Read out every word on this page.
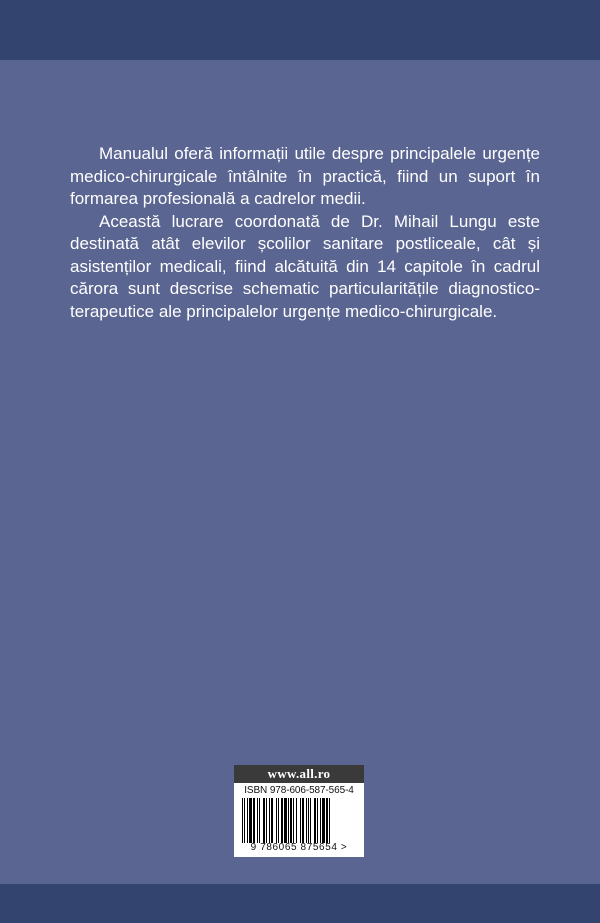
Manualul oferă informații utile despre principalele urgențe medico-chirurgicale întâlnite în practică, fiind un suport în formarea profesională a cadrelor medii.

Această lucrare coordonată de Dr. Mihail Lungu este destinată atât elevilor școlilor sanitare postliceale, cât și asistenților medicali, fiind alcătuită din 14 capitole în cadrul cărora sunt descrise schematic particularitățile diagnostico-terapeutice ale principalelor urgențe medico-chirurgicale.

www.all.ro
ISBN 978-606-587-565-4
9 786065 875654 >
